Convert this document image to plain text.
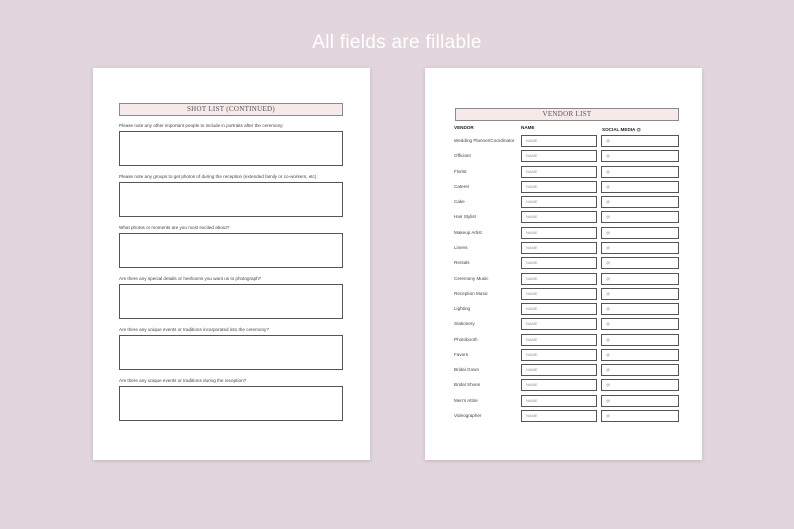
All fields are fillable
SHOT LIST (CONTINUED)
Please note any other important people to include in portraits after the ceremony:
Please note any groups to get photos of during the reception (extended family or co-workers, etc)
What photos or moments are you most excited about?
Are there any special details or heirlooms you want us to photograph?
Are there any unique events or traditions incorporated into the ceremony?
Are there any unique events or traditions during the reception?
VENDOR LIST
VENDOR	NAME	SOCIAL MEDIA @
Wedding Planner/Coordinator	NAME	@
Officiant	NAME	@
Florist	NAME	@
Caterer	NAME	@
Cake	NAME	@
Hair Stylist	NAME	@
Makeup Artist	NAME	@
Linens	NAME	@
Rentals	NAME	@
Ceremony Music	NAME	@
Reception Music	NAME	@
Lighting	NAME	@
Stationery	NAME	@
Photobooth	NAME	@
Favors	NAME	@
Bridal Gown	NAME	@
Bridal Shoes	NAME	@
Men's Attire	NAME	@
Videographer	NAME	@
